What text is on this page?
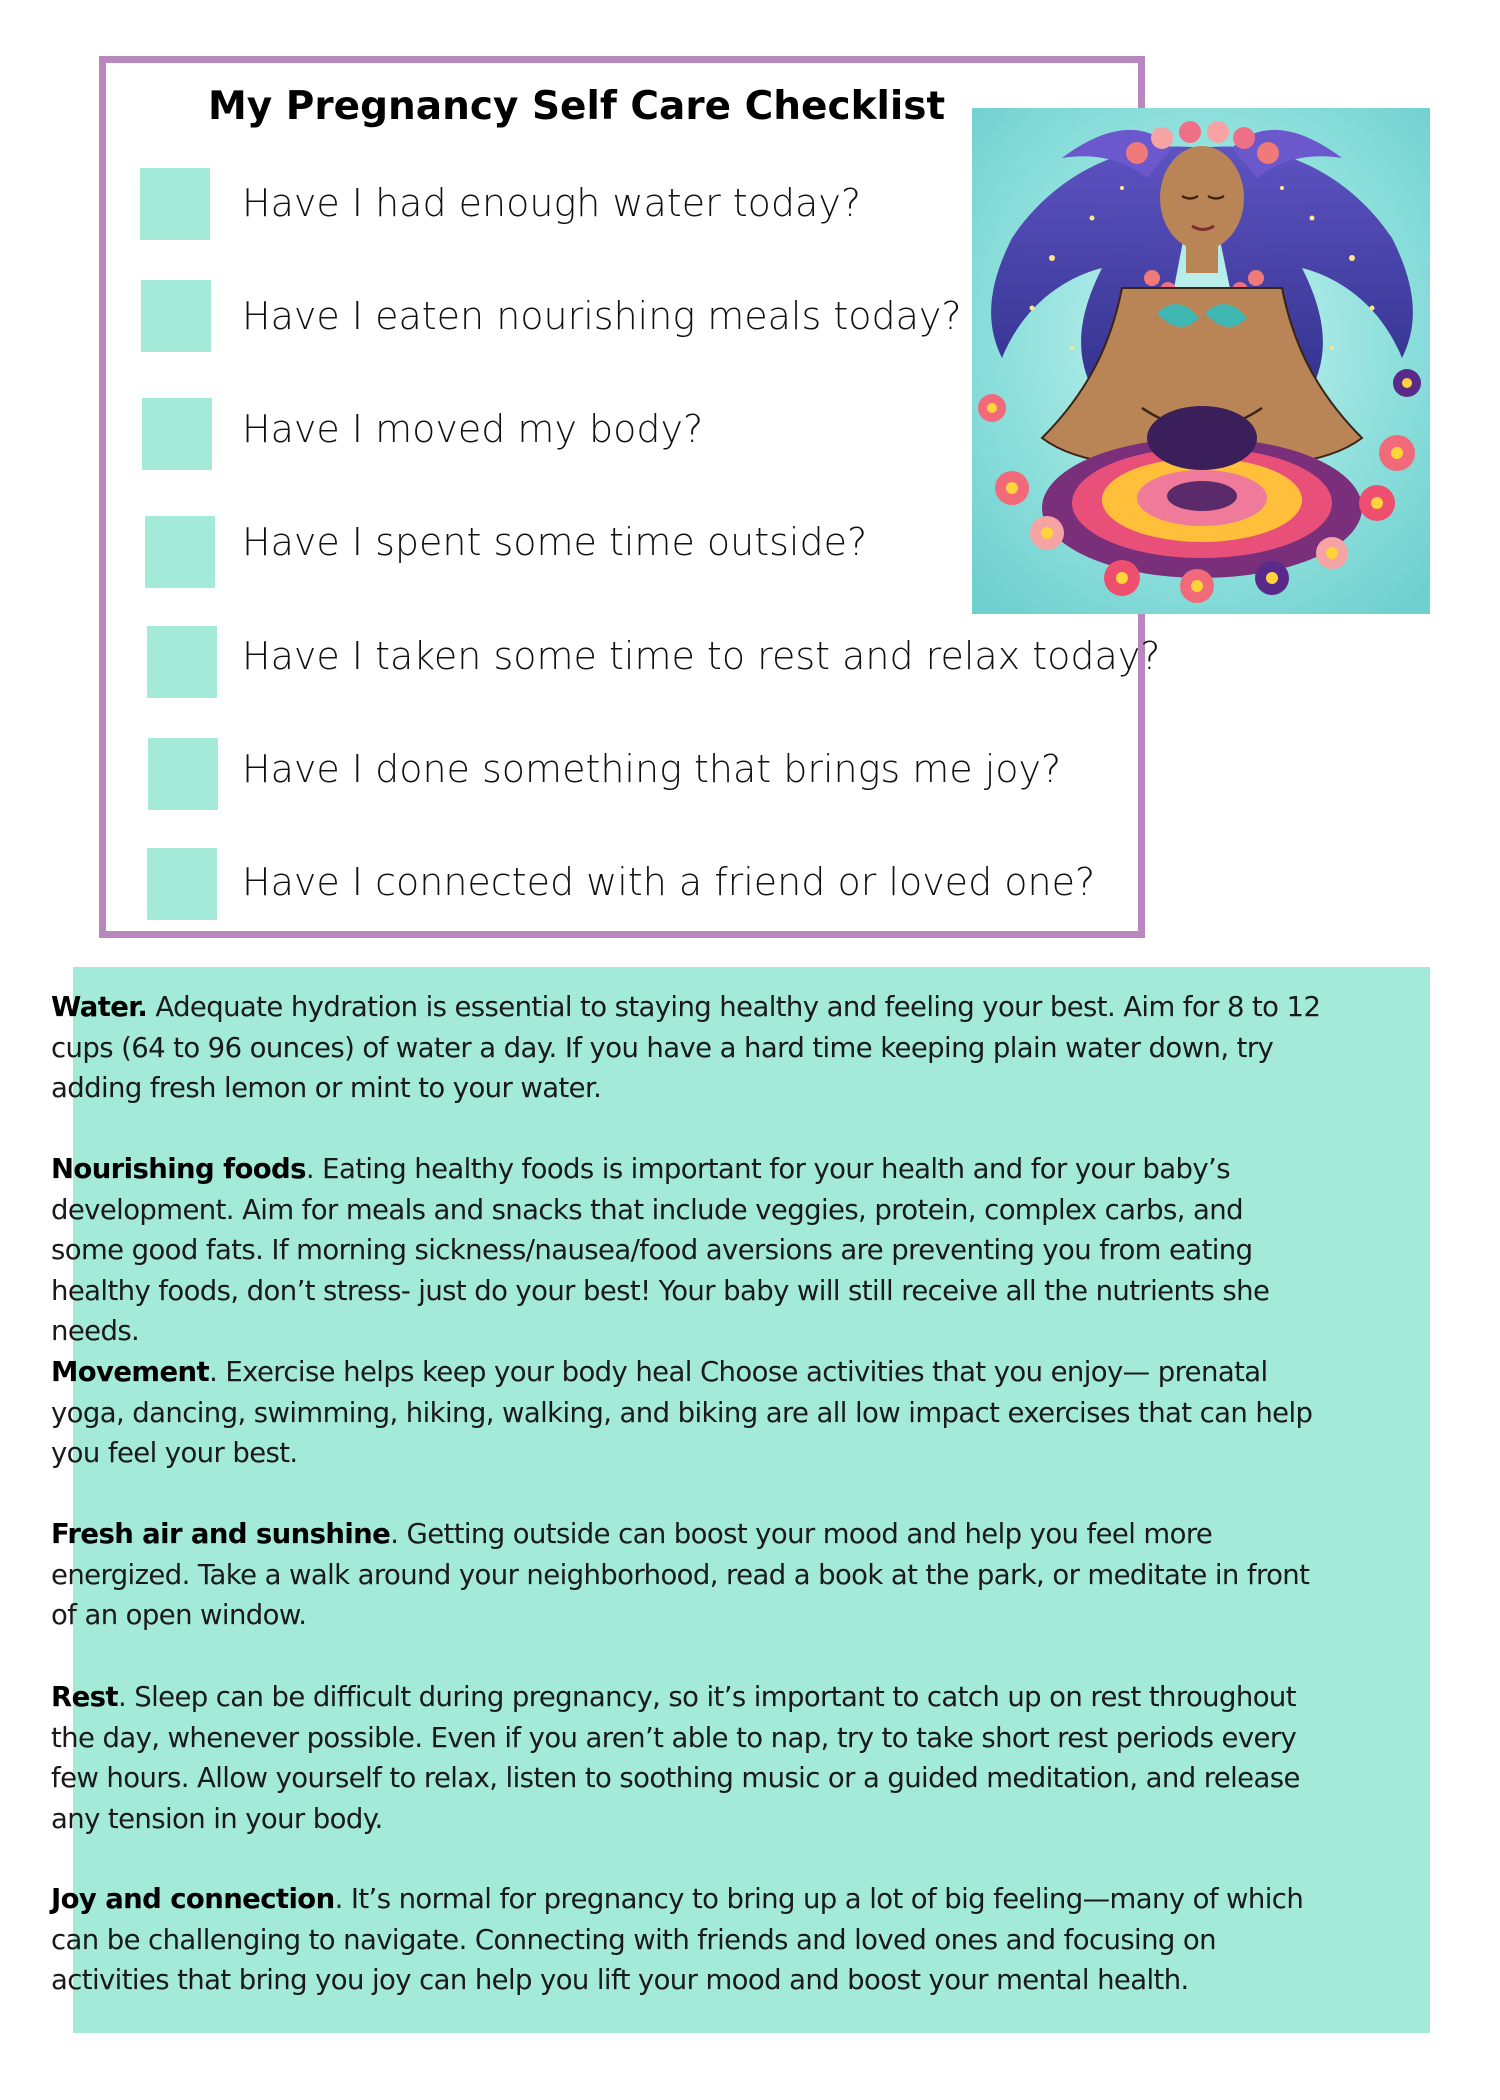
My Pregnancy Self Care Checklist
Have I had enough water today?
Have I eaten nourishing meals today?
Have I moved my body?
Have I spent some time outside?
Have I taken some time to rest and relax today?
Have I done something that brings me joy?
Have I connected with a friend or loved one?

Water. Adequate hydration is essential to staying healthy and feeling your best. Aim for 8 to 12 cups (64 to 96 ounces) of water a day. If you have a hard time keeping plain water down, try adding fresh lemon or mint to your water.

Nourishing foods. Eating healthy foods is important for your health and for your baby’s development. Aim for meals and snacks that include veggies, protein, complex carbs, and some good fats. If morning sickness/nausea/food aversions are preventing you from eating healthy foods, don’t stress- just do your best! Your baby will still receive all the nutrients she needs.

Movement. Exercise helps keep your body heal Choose activities that you enjoy— prenatal yoga, dancing, swimming, hiking, walking, and biking are all low impact exercises that can help you feel your best.

Fresh air and sunshine. Getting outside can boost your mood and help you feel more energized. Take a walk around your neighborhood, read a book at the park, or meditate in front of an open window.

Rest. Sleep can be difficult during pregnancy, so it’s important to catch up on rest throughout the day, whenever possible. Even if you aren’t able to nap, try to take short rest periods every few hours. Allow yourself to relax, listen to soothing music or a guided meditation, and release any tension in your body.

Joy and connection. It’s normal for pregnancy to bring up a lot of big feeling—many of which can be challenging to navigate. Connecting with friends and loved ones and focusing on activities that bring you joy can help you lift your mood and boost your mental health.
